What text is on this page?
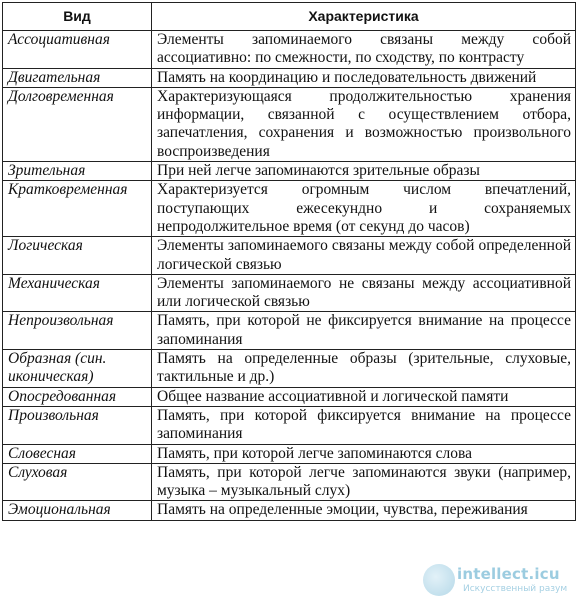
Вид	Характеристика
Ассоциативная	Элементы запоминаемого связаны между собой ассоциативно: по смежности, по сходству, по контрасту
Двигательная	Память на координацию и последовательность движений
Долговременная	Характеризующаяся продолжительностью хранения информации, связанной с осуществлением отбора, запечатления, сохранения и возможностью произвольного воспроизведения
Зрительная	При ней легче запоминаются зрительные образы
Кратковременная	Характеризуется огромным числом впечатлений, поступающих ежесекундно и сохраняемых непродолжительное время (от секунд до часов)
Логическая	Элементы запоминаемого связаны между собой определенной логической связью
Механическая	Элементы запоминаемого не связаны между ассоциативной или логической связью
Непроизвольная	Память, при которой не фиксируется внимание на процессе запоминания
Образная (син. иконическая)	Память на определенные образы (зрительные, слуховые, тактильные и др.)
Опосредованная	Общее название ассоциативной и логической памяти
Произвольная	Память, при которой фиксируется внимание на процессе запоминания
Словесная	Память, при которой легче запоминаются слова
Слуховая	Память, при которой легче запоминаются звуки (например, музыка – музыкальный слух)
Эмоциональная	Память на определенные эмоции, чувства, переживания
intellect.icu
Искусственный разум
